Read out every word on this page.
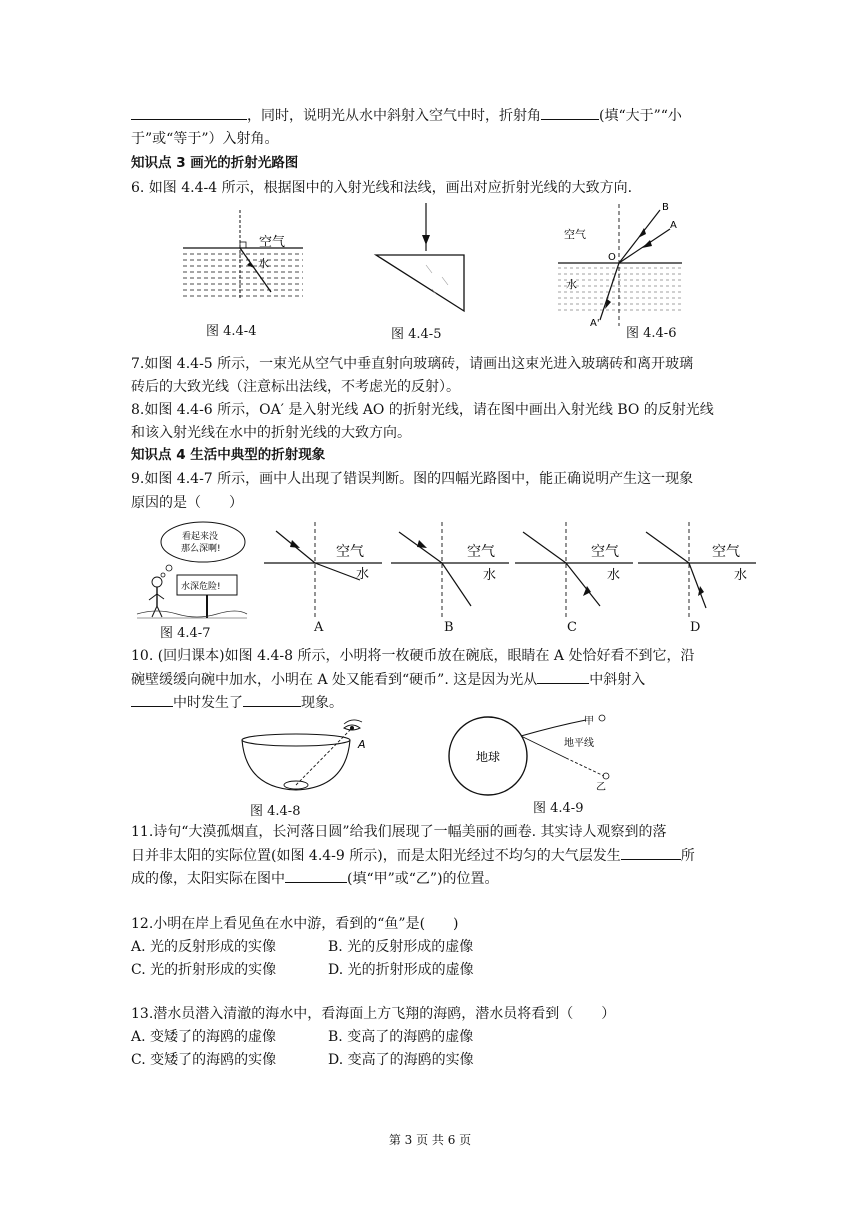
，同时，说明光从水中斜射入空气中时，折射角	(填“大于”“小
于”或“等于”）入射角。
知识点 3 画光的折射光路图
6. 如图 4.4-4 所示，根据图中的入射光线和法线，画出对应折射光线的大致方向.
空气
水
图 4.4-4	图 4.4-5
空气
水
O
B
A
A'
图 4.4-6
7.如图 4.4-5 所示，一束光从空气中垂直射向玻璃砖，请画出这束光进入玻璃砖和离开玻璃
砖后的大致光线（注意标出法线，不考虑光的反射）。
8.如图 4.4-6 所示，OA′ 是入射光线 AO 的折射光线，请在图中画出入射光线 BO 的反射光线
和该入射光线在水中的折射光线的大致方向。
知识点 4 生活中典型的折射现象
9.如图 4.4-7 所示，画中人出现了错误判断。图的四幅光路图中，能正确说明产生这一现象
原因的是（　　）
看起来没
那么深啊!
水深危险!
图 4.4-7
空气
水
A
空气
水
B
空气
水
C
空气
水
D
10. (回归课本)如图 4.4-8 所示，小明将一枚硬币放在碗底，眼睛在 A 处恰好看不到它，沿
碗壁缓缓向碗中加水，小明在 A 处又能看到“硬币”. 这是因为光从	中斜射入
中时发生了	现象。
A
图 4.4-8
地球
甲
地平线
乙
图 4.4-9
11.诗句“大漠孤烟直，长河落日圆”给我们展现了一幅美丽的画卷. 其实诗人观察到的落
日并非太阳的实际位置(如图 4.4-9 所示)，而是太阳光经过不均匀的大气层发生	所
成的像，太阳实际在图中	(填“甲”或“乙”)的位置。
12.小明在岸上看见鱼在水中游，看到的“鱼”是(　　)
A. 光的反射形成的实像	B. 光的反射形成的虚像
C. 光的折射形成的实像	D. 光的折射形成的虚像
13.潜水员潜入清澈的海水中，看海面上方飞翔的海鸥，潜水员将看到（　　）
A. 变矮了的海鸥的虚像	B. 变高了的海鸥的虚像
C. 变矮了的海鸥的实像	D. 变高了的海鸥的实像
第 3 页 共 6 页
